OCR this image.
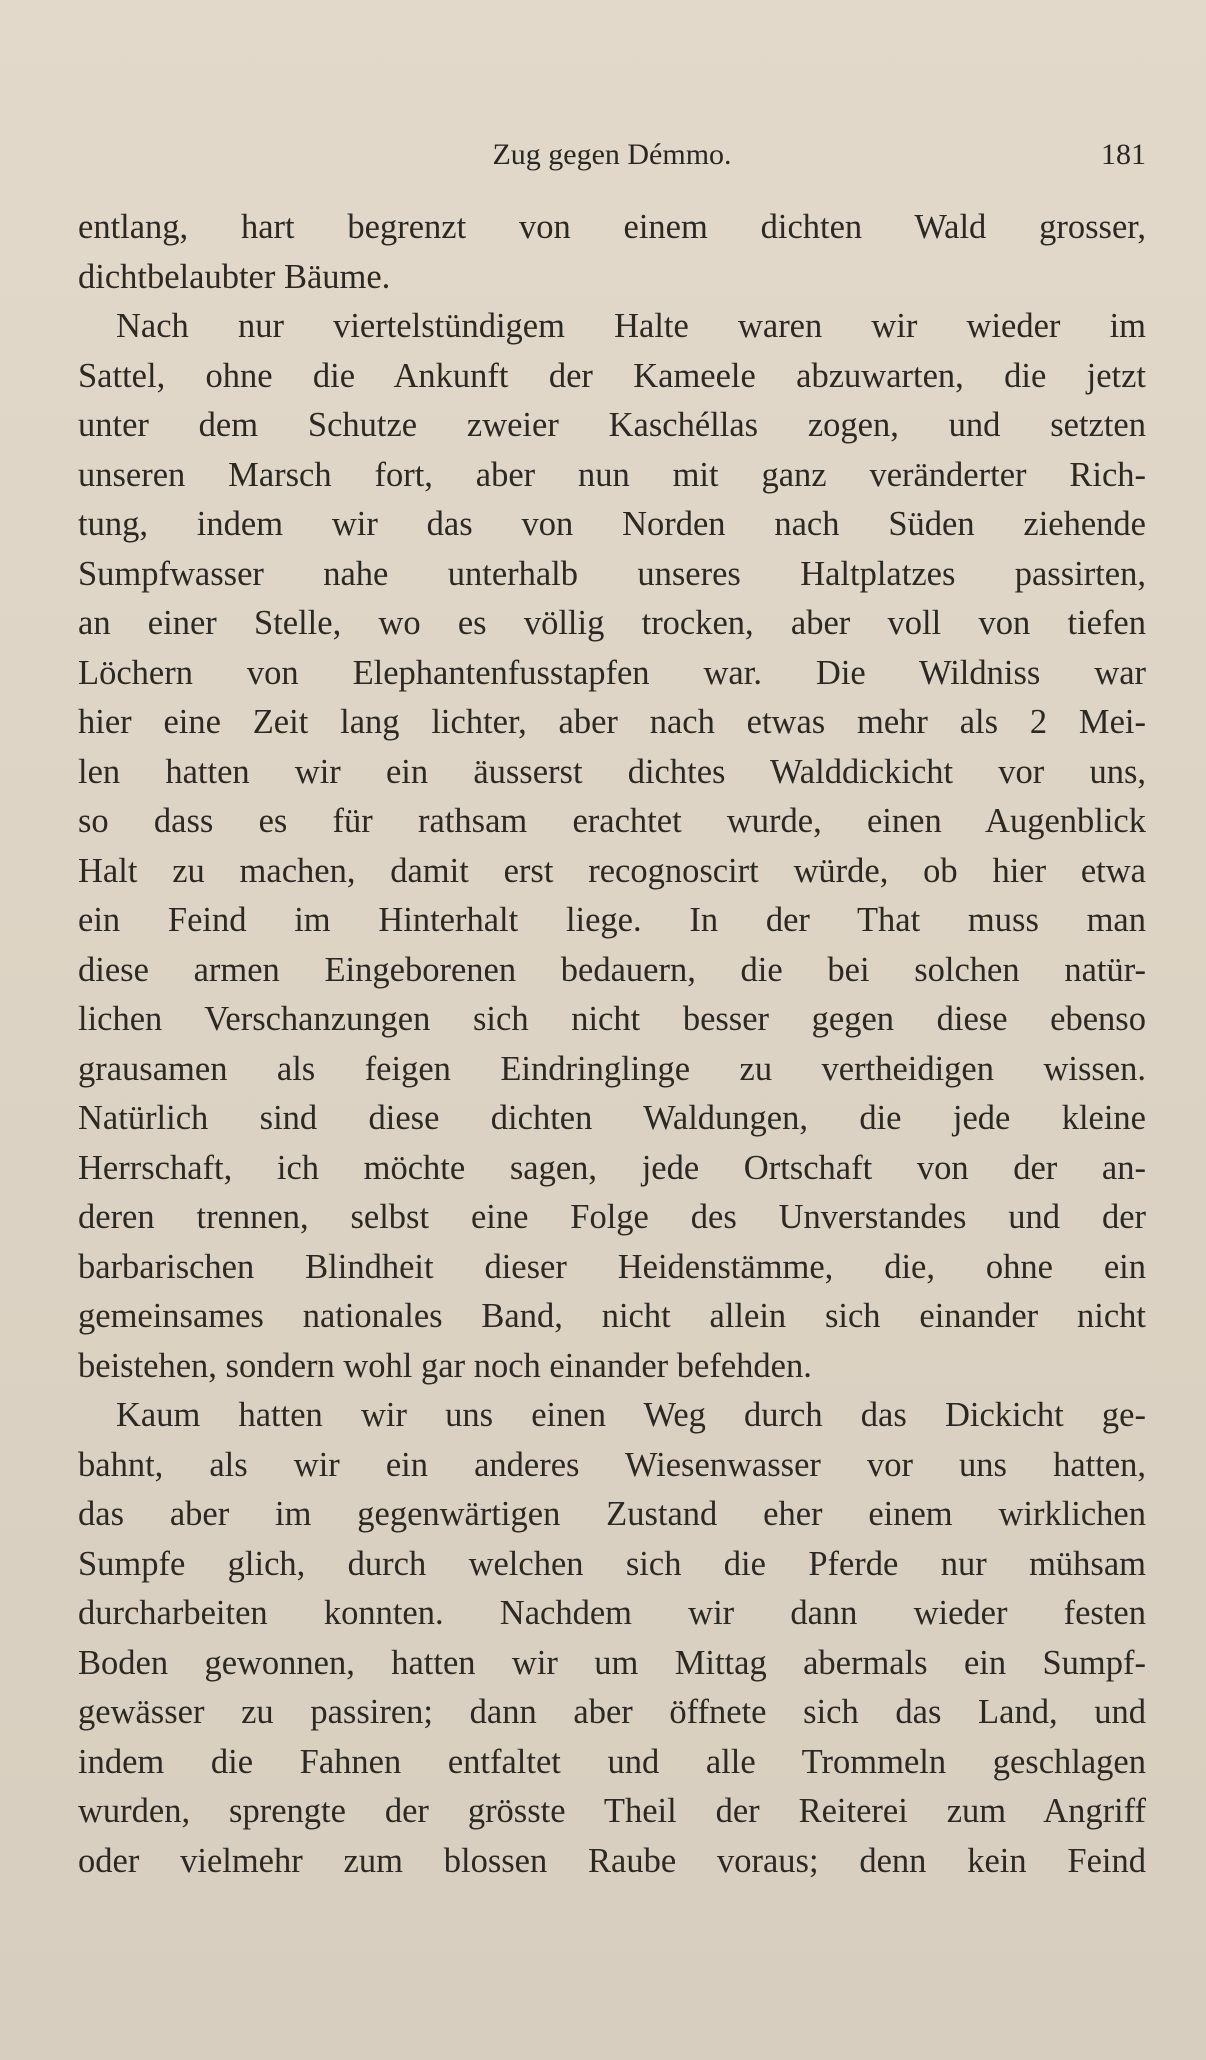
Zug gegen Démmo.	181
entlang, hart begrenzt von einem dichten Wald grosser,
dichtbelaubter Bäume.
Nach nur viertelstündigem Halte waren wir wieder im
Sattel, ohne die Ankunft der Kameele abzuwarten, die jetzt
unter dem Schutze zweier Kaschéllas zogen, und setzten
unseren Marsch fort, aber nun mit ganz veränderter Rich-
tung, indem wir das von Norden nach Süden ziehende
Sumpfwasser nahe unterhalb unseres Haltplatzes passirten,
an einer Stelle, wo es völlig trocken, aber voll von tiefen
Löchern von Elephantenfusstapfen war. Die Wildniss war
hier eine Zeit lang lichter, aber nach etwas mehr als 2 Mei-
len hatten wir ein äusserst dichtes Walddickicht vor uns,
so dass es für rathsam erachtet wurde, einen Augenblick
Halt zu machen, damit erst recognoscirt würde, ob hier etwa
ein Feind im Hinterhalt liege. In der That muss man
diese armen Eingeborenen bedauern, die bei solchen natür-
lichen Verschanzungen sich nicht besser gegen diese ebenso
grausamen als feigen Eindringlinge zu vertheidigen wissen.
Natürlich sind diese dichten Waldungen, die jede kleine
Herrschaft, ich möchte sagen, jede Ortschaft von der an-
deren trennen, selbst eine Folge des Unverstandes und der
barbarischen Blindheit dieser Heidenstämme, die, ohne ein
gemeinsames nationales Band, nicht allein sich einander nicht
beistehen, sondern wohl gar noch einander befehden.
Kaum hatten wir uns einen Weg durch das Dickicht ge-
bahnt, als wir ein anderes Wiesenwasser vor uns hatten,
das aber im gegenwärtigen Zustand eher einem wirklichen
Sumpfe glich, durch welchen sich die Pferde nur mühsam
durcharbeiten konnten. Nachdem wir dann wieder festen
Boden gewonnen, hatten wir um Mittag abermals ein Sumpf-
gewässer zu passiren; dann aber öffnete sich das Land, und
indem die Fahnen entfaltet und alle Trommeln geschlagen
wurden, sprengte der grösste Theil der Reiterei zum Angriff
oder vielmehr zum blossen Raube voraus; denn kein Feind
